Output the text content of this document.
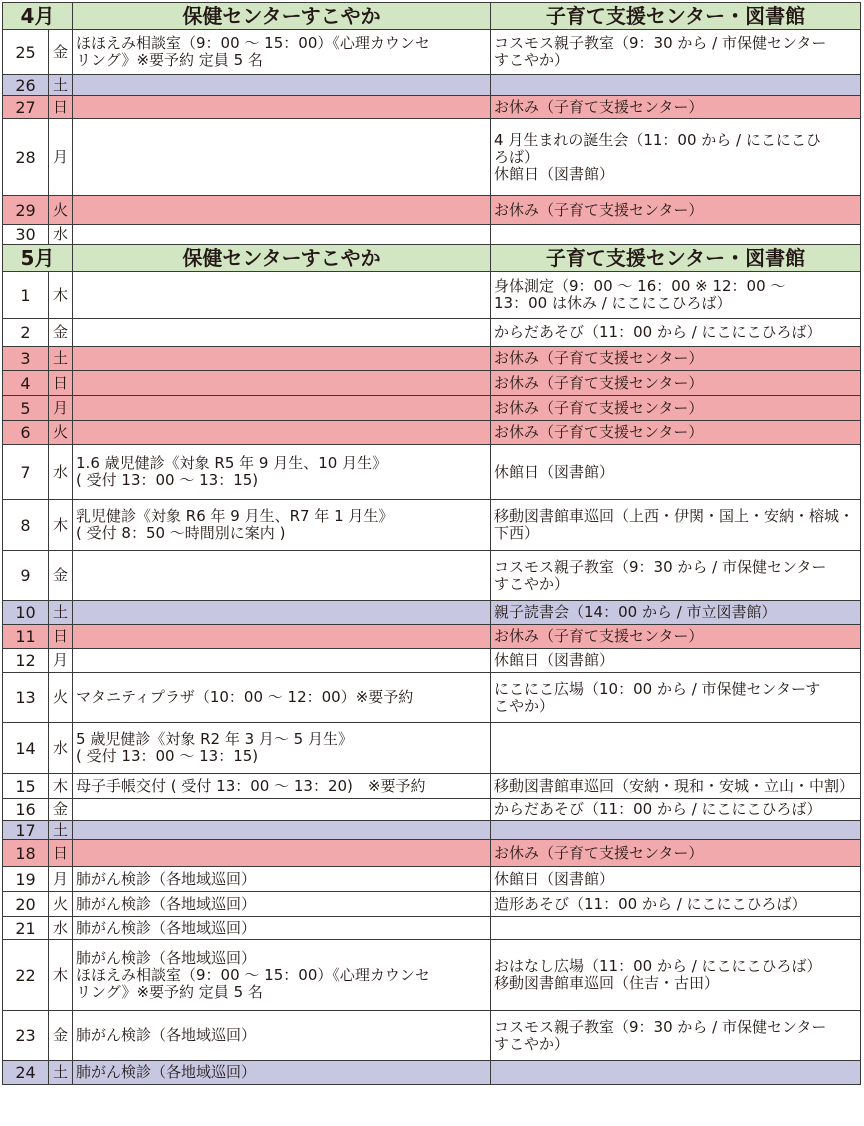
4月		保健センターすこやか	子育て支援センター・図書館

25	金	ほほえみ相談室（9：00 ～ 15：00）《心理カウンセ
リング》※要予約 定員 5 名	コスモス親子教室（9：30 から / 市保健センター
すこやか）

26	土		

27	日		お休み（子育て支援センター）

28	月		4 月生まれの誕生会（11：00 から / にこにこひ
ろば）
休館日（図書館）

29	火		お休み（子育て支援センター）

30	水		

5月		保健センターすこやか	子育て支援センター・図書館

1	木		身体測定（9：00 ～ 16：00 ※ 12：00 ～
13：00 は休み / にこにこひろば）

2	金		からだあそび（11：00 から / にこにこひろば）

3	土		お休み（子育て支援センター）

4	日		お休み（子育て支援センター）

5	月		お休み（子育て支援センター）

6	火		お休み（子育て支援センター）

7	水	1.6 歳児健診《対象 R5 年 9 月生、10 月生》
( 受付 13：00 ～ 13：15)	休館日（図書館）

8	木	乳児健診《対象 R6 年 9 月生、R7 年 1 月生》
( 受付 8：50 ～時間別に案内 )	移動図書館車巡回（上西・伊関・国上・安納・榕城・
下西）

9	金		コスモス親子教室（9：30 から / 市保健センター
すこやか）

10	土		親子読書会（14：00 から / 市立図書館）

11	日		お休み（子育て支援センター）

12	月		休館日（図書館）

13	火	マタニティプラザ（10：00 ～ 12：00）※要予約	にこにこ広場（10：00 から / 市保健センターす
こやか）

14	水	5 歳児健診《対象 R2 年 3 月～ 5 月生》
( 受付 13：00 ～ 13：15)	

15	木	母子手帳交付 ( 受付 13：00 ～ 13：20)　※要予約	移動図書館車巡回（安納・現和・安城・立山・中割）

16	金		からだあそび（11：00 から / にこにこひろば）

17	土		

18	日		お休み（子育て支援センター）

19	月	肺がん検診（各地域巡回）	休館日（図書館）

20	火	肺がん検診（各地域巡回）	造形あそび（11：00 から / にこにこひろば）

21	水	肺がん検診（各地域巡回）	

22	木	肺がん検診（各地域巡回）
ほほえみ相談室（9：00 ～ 15：00）《心理カウンセ
リング》※要予約 定員 5 名	おはなし広場（11：00 から / にこにこひろば）
移動図書館車巡回（住吉・古田）

23	金	肺がん検診（各地域巡回）	コスモス親子教室（9：30 から / 市保健センター
すこやか）

24	土	肺がん検診（各地域巡回）	
